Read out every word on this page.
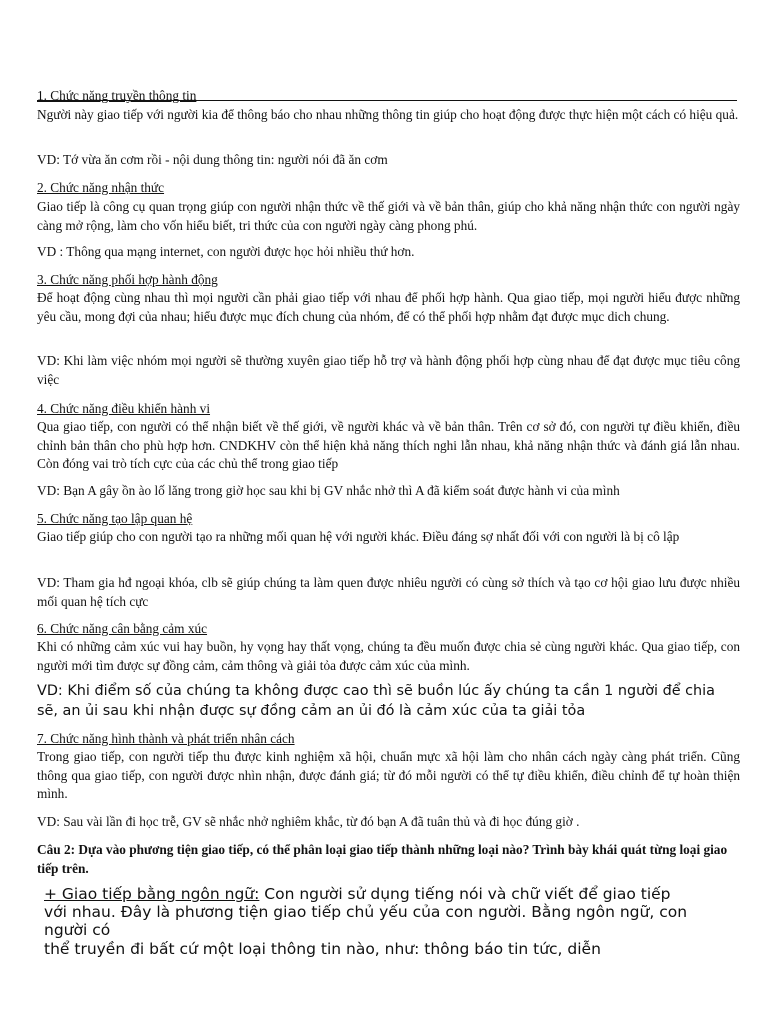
1. Chức năng truyền thông tin
Người này giao tiếp với người kia để thông báo cho nhau những thông tin giúp cho hoạt động được thực hiện một cách có hiệu quả.
VD: Tớ vừa ăn cơm rồi - nội dung thông tin: người nói đã ăn cơm
2. Chức năng nhận thức
Giao tiếp là công cụ quan trọng giúp con người nhận thức về thế giới và về bản thân, giúp cho khả năng nhận thức con người ngày càng mở rộng, làm cho vốn hiểu biết, tri thức của con người ngày càng phong phú.
VD : Thông qua mạng internet, con người được học hỏi nhiều thứ hơn.
3. Chức năng phối hợp hành động
Để hoạt động cùng nhau thì mọi người cần phải giao tiếp với nhau để phối hợp hành. Qua giao tiếp, mọi người hiểu được những yêu cầu, mong đợi của nhau; hiểu được mục đích chung của nhóm, để có thể phối hợp nhằm đạt được mục dich chung.
VD: Khi làm việc nhóm mọi người sẽ thường xuyên giao tiếp hỗ trợ và hành động phối hợp cùng nhau để đạt được mục tiêu công việc
4. Chức năng điều khiển hành vi
Qua giao tiếp, con người có thể nhận biết về thế giới, về người khác và về bản thân. Trên cơ sở đó, con người tự điều khiển, điều chỉnh bản thân cho phù hợp hơn. CNDKHV còn thể hiện khả năng thích nghi lẫn nhau, khả năng nhận thức và đánh giá lẫn nhau. Còn đóng vai trò tích cực của các chủ thể trong giao tiếp
VD: Bạn A gây ồn ào lố lăng trong giờ học sau khi bị GV nhắc nhở thì A đã kiểm soát được hành vi của mình
5. Chức năng tạo lập quan hệ
Giao tiếp giúp cho con người tạo ra những mối quan hệ với người khác. Điều đáng sợ nhất đối với con người là bị cô lập
VD: Tham gia hđ ngoại khóa, clb sẽ giúp chúng ta làm quen được nhiêu người có cùng sở thích và tạo cơ hội giao lưu được nhiều mối quan hệ tích cực
6. Chức năng cân bằng cảm xúc
Khi có những cảm xúc vui hay buồn, hy vọng hay thất vọng, chúng ta đều muốn được chia sẻ cùng người khác. Qua giao tiếp, con người mới tìm được sự đồng cảm, cảm thông và giải tỏa được cảm xúc của mình.
VD: Khi điểm số của chúng ta không được cao thì sẽ buồn lúc ấy chúng ta cần 1 người để chia sẽ, an ủi sau khi nhận được sự đồng cảm an ủi đó là cảm xúc của ta giải tỏa
7. Chức năng hình thành và phát triển nhân cách
Trong giao tiếp, con người tiếp thu được kinh nghiệm xã hội, chuẩn mực xã hội làm cho nhân cách ngày càng phát triển. Cũng thông qua giao tiếp, con người được nhìn nhận, được đánh giá; từ đó mỗi người có thể tự điều khiển, điều chỉnh để tự hoàn thiện mình.
VD: Sau vài lần đi học trễ, GV sẽ nhắc nhở nghiêm khắc, từ đó bạn A đã tuân thủ và đi học đúng giờ .
Câu 2: Dựa vào phương tiện giao tiếp, có thể phân loại giao tiếp thành những loại nào? Trình bày khái quát từng loại giao tiếp trên.

+ Giao tiếp bằng ngôn ngữ: Con người sử dụng tiếng nói và chữ viết để giao tiếp

với nhau. Đây là phương tiện giao tiếp chủ yếu của con người. Bằng ngôn ngữ, con người có

thể truyền đi bất cứ một loại thông tin nào, như: thông báo tin tức, diễn
